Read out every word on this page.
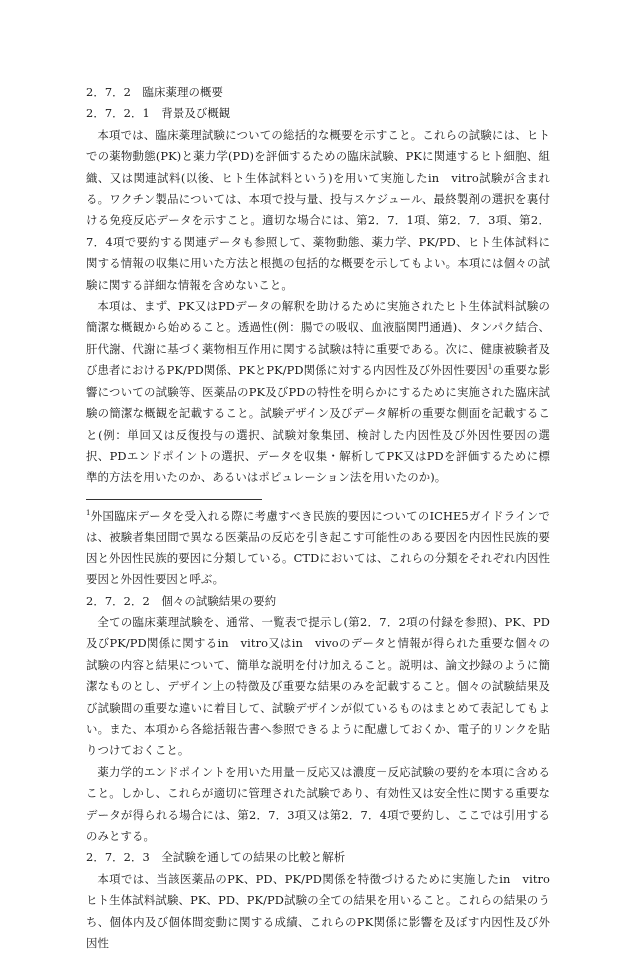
2．7．2　臨床薬理の概要
2．7．2．1　背景及び概観
本項では、臨床薬理試験についての総括的な概要を示すこと。これらの試験には、ヒトでの薬物動態(PK)と薬力学(PD)を評価するための臨床試験、PKに関連するヒト細胞、組織、又は関連試料(以後、ヒト生体試料という)を用いて実施したin　vitro試験が含まれる。ワクチン製品については、本項で投与量、投与スケジュール、最終製剤の選択を裏付ける免疫反応データを示すこと。適切な場合には、第2．7．1項、第2．7．3項、第2．7．4項で要約する関連データも参照して、薬物動態、薬力学、PK/PD、ヒト生体試料に関する情報の収集に用いた方法と根拠の包括的な概要を示してもよい。本項には個々の試験に関する詳細な情報を含めないこと。
本項は、まず、PK又はPDデータの解釈を助けるために実施されたヒト生体試料試験の簡潔な概観から始めること。透過性(例：腸での吸収、血液脳関門通過)、タンパク結合、肝代謝、代謝に基づく薬物相互作用に関する試験は特に重要である。次に、健康被験者及び患者におけるPK/PD関係、PKとPK/PD関係に対する内因性及び外因性要因$^1$の重要な影響についての試験等、医薬品のPK及びPDの特性を明らかにするために実施された臨床試験の簡潔な概観を記載すること。試験デザイン及びデータ解析の重要な側面を記載すること(例：単回又は反復投与の選択、試験対象集団、検討した内因性及び外因性要因の選択、PDエンドポイントの選択、データを収集・解析してPK又はPDを評価するために標準的方法を用いたのか、あるいはポピュレーション法を用いたのか)。
$^1$外国臨床データを受入れる際に考慮すべき民族的要因についてのICHE5ガイドラインでは、被験者集団間で異なる医薬品の反応を引き起こす可能性のある要因を内因性民族的要因と外因性民族的要因に分類している。CTDにおいては、これらの分類をそれぞれ内因性要因と外因性要因と呼ぶ。
2．7．2．2　個々の試験結果の要約
全ての臨床薬理試験を、通常、一覧表で提示し(第2．7．2項の付録を参照)、PK、PD及びPK/PD関係に関するin　vitro又はin　vivoのデータと情報が得られた重要な個々の試験の内容と結果について、簡単な説明を付け加えること。説明は、論文抄録のように簡潔なものとし、デザイン上の特徴及び重要な結果のみを記載すること。個々の試験結果及び試験間の重要な違いに着目して、試験デザインが似ているものはまとめて表記してもよい。また、本項から各総括報告書へ参照できるように配慮しておくか、電子的リンクを貼りつけておくこと。
薬力学的エンドポイントを用いた用量－反応又は濃度－反応試験の要約を本項に含めること。しかし、これらが適切に管理された試験であり、有効性又は安全性に関する重要なデータが得られる場合には、第2．7．3項又は第2．7．4項で要約し、ここでは引用するのみとする。
2．7．2．3　全試験を通しての結果の比較と解析
本項では、当該医薬品のPK、PD、PK/PD関係を特徴づけるために実施したin　vitroヒト生体試料試験、PK、PD、PK/PD試験の全ての結果を用いること。これらの結果のうち、個体内及び個体間変動に関する成績、これらのPK関係に影響を及ぼす内因性及び外因性
